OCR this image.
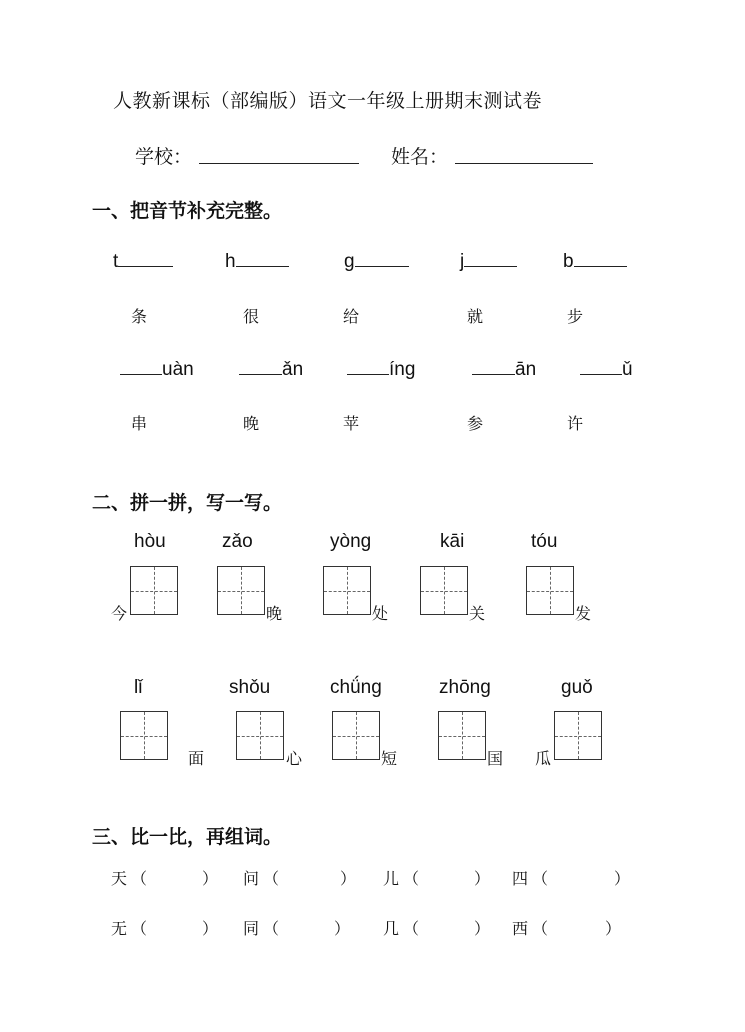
人教新课标（部编版）语文一年级上册期末测试卷
学校：	姓名：
一、把音节补充完整。
t	h	g	j	b
条	很	给	就	步
uàn	ǎn	íng	ān	ǔ
串	晚	苹	参	许
二、拼一拼，写一写。
hòu	zǎo	yòng	kāi	tóu
今	晚	处	关	发
lǐ	shǒu	chǘng	zhōng	guǒ
面	心	短	国 瓜
三、比一比，再组词。
天 （	） 问 （	） 儿 （	） 四 （	）
无 （	） 同 （	） 几 （	） 西 （	）
